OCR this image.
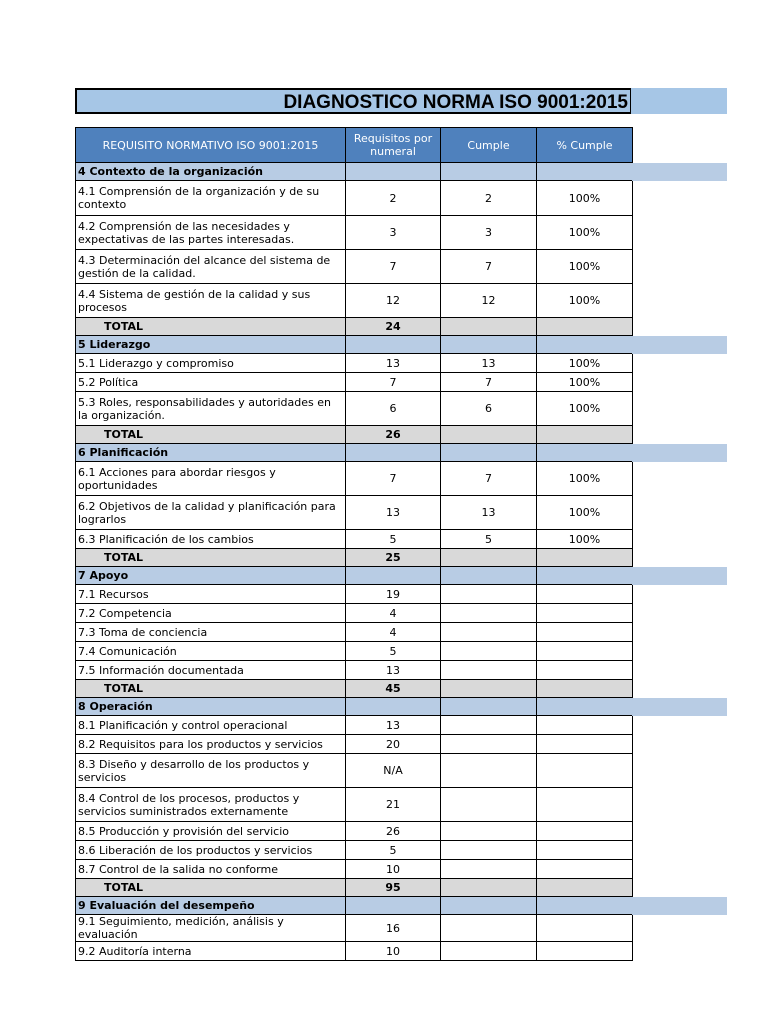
DIAGNOSTICO NORMA ISO 9001:2015
REQUISITO NORMATIVO ISO 9001:2015	Requisitos por numeral	Cumple	% Cumple
4 Contexto de la organización			
4.1 Comprensión de la organización y de su contexto	2	2	100%
4.2 Comprensión de las necesidades y expectativas de las partes interesadas.	3	3	100%
4.3 Determinación del alcance del sistema de gestión de la calidad.	7	7	100%
4.4 Sistema de gestión de la calidad y sus procesos	12	12	100%
TOTAL	24		
5 Liderazgo			
5.1 Liderazgo y compromiso	13	13	100%
5.2 Política	7	7	100%
5.3 Roles, responsabilidades y autoridades en la organización.	6	6	100%
TOTAL	26		
6 Planificación			
6.1 Acciones para abordar riesgos y oportunidades	7	7	100%
6.2 Objetivos de la calidad y planificación para lograrlos	13	13	100%
6.3 Planificación de los cambios	5	5	100%
TOTAL	25		
7 Apoyo			
7.1 Recursos	19		
7.2 Competencia	4		
7.3 Toma de conciencia	4		
7.4 Comunicación	5		
7.5 Información documentada	13		
TOTAL	45		
8 Operación			
8.1 Planificación y control operacional	13		
8.2 Requisitos para los productos y servicios	20		
8.3 Diseño y desarrollo de los productos y servicios	N/A		
8.4 Control de los procesos, productos y servicios suministrados externamente	21		
8.5 Producción y provisión del servicio	26		
8.6 Liberación de los productos y servicios	5		
8.7 Control de la salida no conforme	10		
TOTAL	95		
9 Evaluación del desempeño			
9.1 Seguimiento, medición, análisis y evaluación	16		
9.2 Auditoría interna	10		
